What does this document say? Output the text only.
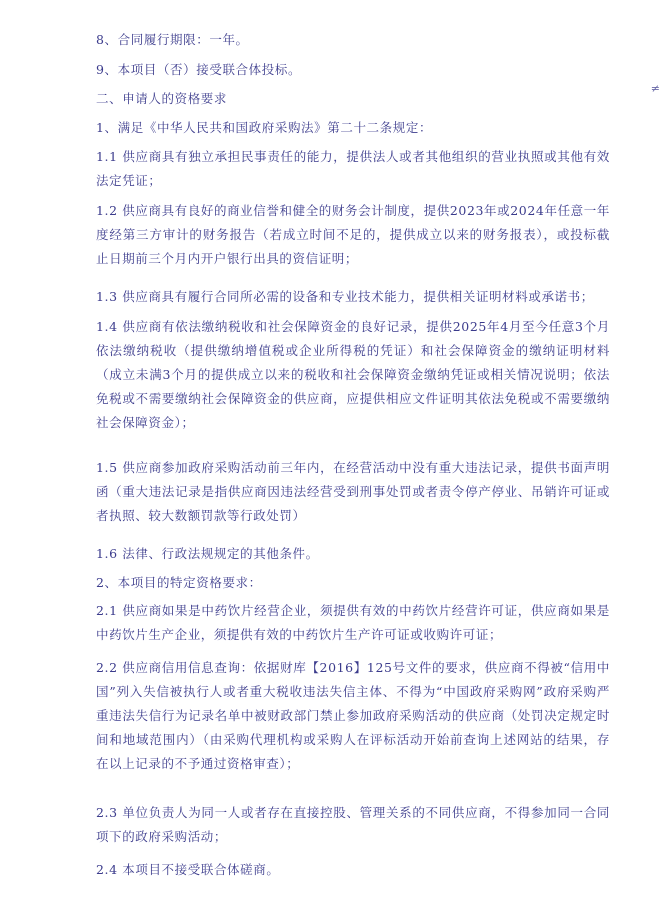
8、合同履行期限：一年。
9、本项目（否）接受联合体投标。
二、申请人的资格要求
1、满足《中华人民共和国政府采购法》第二十二条规定：
1.1 供应商具有独立承担民事责任的能力，提供法人或者其他组织的营业执照或其他有效法定凭证；
1.2 供应商具有良好的商业信誉和健全的财务会计制度，提供2023年或2024年任意一年度经第三方审计的财务报告（若成立时间不足的，提供成立以来的财务报表），或投标截止日期前三个月内开户银行出具的资信证明；
1.3 供应商具有履行合同所必需的设备和专业技术能力，提供相关证明材料或承诺书；
1.4 供应商有依法缴纳税收和社会保障资金的良好记录，提供2025年4月至今任意3个月依法缴纳税收（提供缴纳增值税或企业所得税的凭证）和社会保障资金的缴纳证明材料（成立未满3个月的提供成立以来的税收和社会保障资金缴纳凭证或相关情况说明；依法免税或不需要缴纳社会保障资金的供应商，应提供相应文件证明其依法免税或不需要缴纳社会保障资金）；
1.5 供应商参加政府采购活动前三年内，在经营活动中没有重大违法记录，提供书面声明函（重大违法记录是指供应商因违法经营受到刑事处罚或者责令停产停业、吊销许可证或者执照、较大数额罚款等行政处罚）
1.6 法律、行政法规规定的其他条件。
2、本项目的特定资格要求：
2.1 供应商如果是中药饮片经营企业，须提供有效的中药饮片经营许可证，供应商如果是中药饮片生产企业，须提供有效的中药饮片生产许可证或收购许可证；
2.2 供应商信用信息查询：依据财库【2016】125号文件的要求，供应商不得被“信用中国”列入失信被执行人或者重大税收违法失信主体、不得为“中国政府采购网”政府采购严重违法失信行为记录名单中被财政部门禁止参加政府采购活动的供应商（处罚决定规定时间和地域范围内）（由采购代理机构或采购人在评标活动开始前查询上述网站的结果，存在以上记录的不予通过资格审查）；
2.3 单位负责人为同一人或者存在直接控股、管理关系的不同供应商，不得参加同一合同项下的政府采购活动；
2.4 本项目不接受联合体磋商。
≠
